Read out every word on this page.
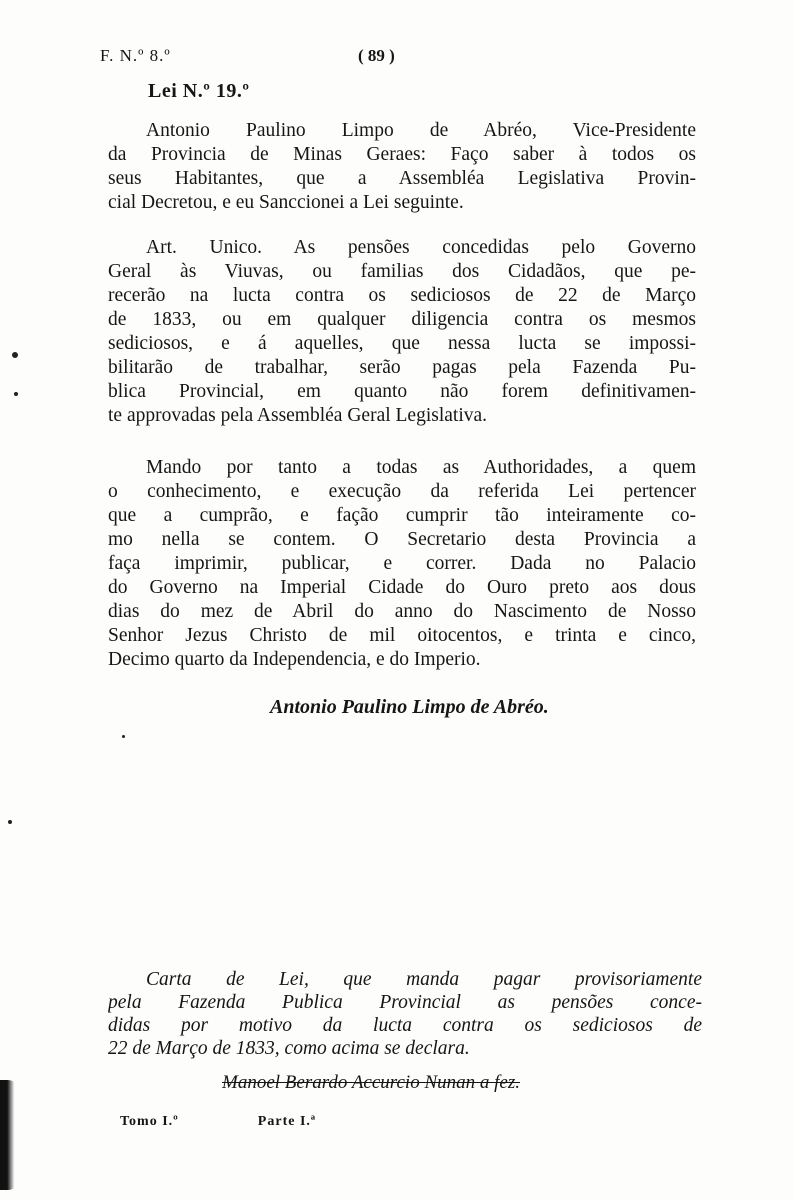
F. N.º 8.º	( 89 )
Lei N.º 19.º
Antonio Paulino Limpo de Abréo, Vice-Presidente
da Provincia de Minas Geraes: Faço saber à todos os
seus Habitantes, que a Assembléa Legislativa Provin-
cial Decretou, e eu Sanccionei a Lei seguinte.
Art. Unico. As pensões concedidas pelo Governo
Geral às Viuvas, ou familias dos Cidadãos, que pe-
recerão na lucta contra os sediciosos de 22 de Março
de 1833, ou em qualquer diligencia contra os mesmos
sediciosos, e á aquelles, que nessa lucta se impossi-
bilitarão de trabalhar, serão pagas pela Fazenda Pu-
blica Provincial, em quanto não forem definitivamen-
te approvadas pela Assembléa Geral Legislativa.
Mando por tanto a todas as Authoridades, a quem
o conhecimento, e execução da referida Lei pertencer
que a cumprão, e fação cumprir tão inteiramente co-
mo nella se contem. O Secretario desta Provincia a
faça imprimir, publicar, e correr. Dada no Palacio
do Governo na Imperial Cidade do Ouro preto aos dous
dias do mez de Abril do anno do Nascimento de Nosso
Senhor Jezus Christo de mil oitocentos, e trinta e cinco,
Decimo quarto da Independencia, e do Imperio.
Antonio Paulino Limpo de Abréo.
Carta de Lei, que manda pagar provisoriamente
pela Fazenda Publica Provincial as pensões conce-
didas por motivo da lucta contra os sediciosos de
22 de Março de 1833, como acima se declara.
Manoel Berardo Accurcio Nunan a fez.
Tomo I.º	Parte I.ª
